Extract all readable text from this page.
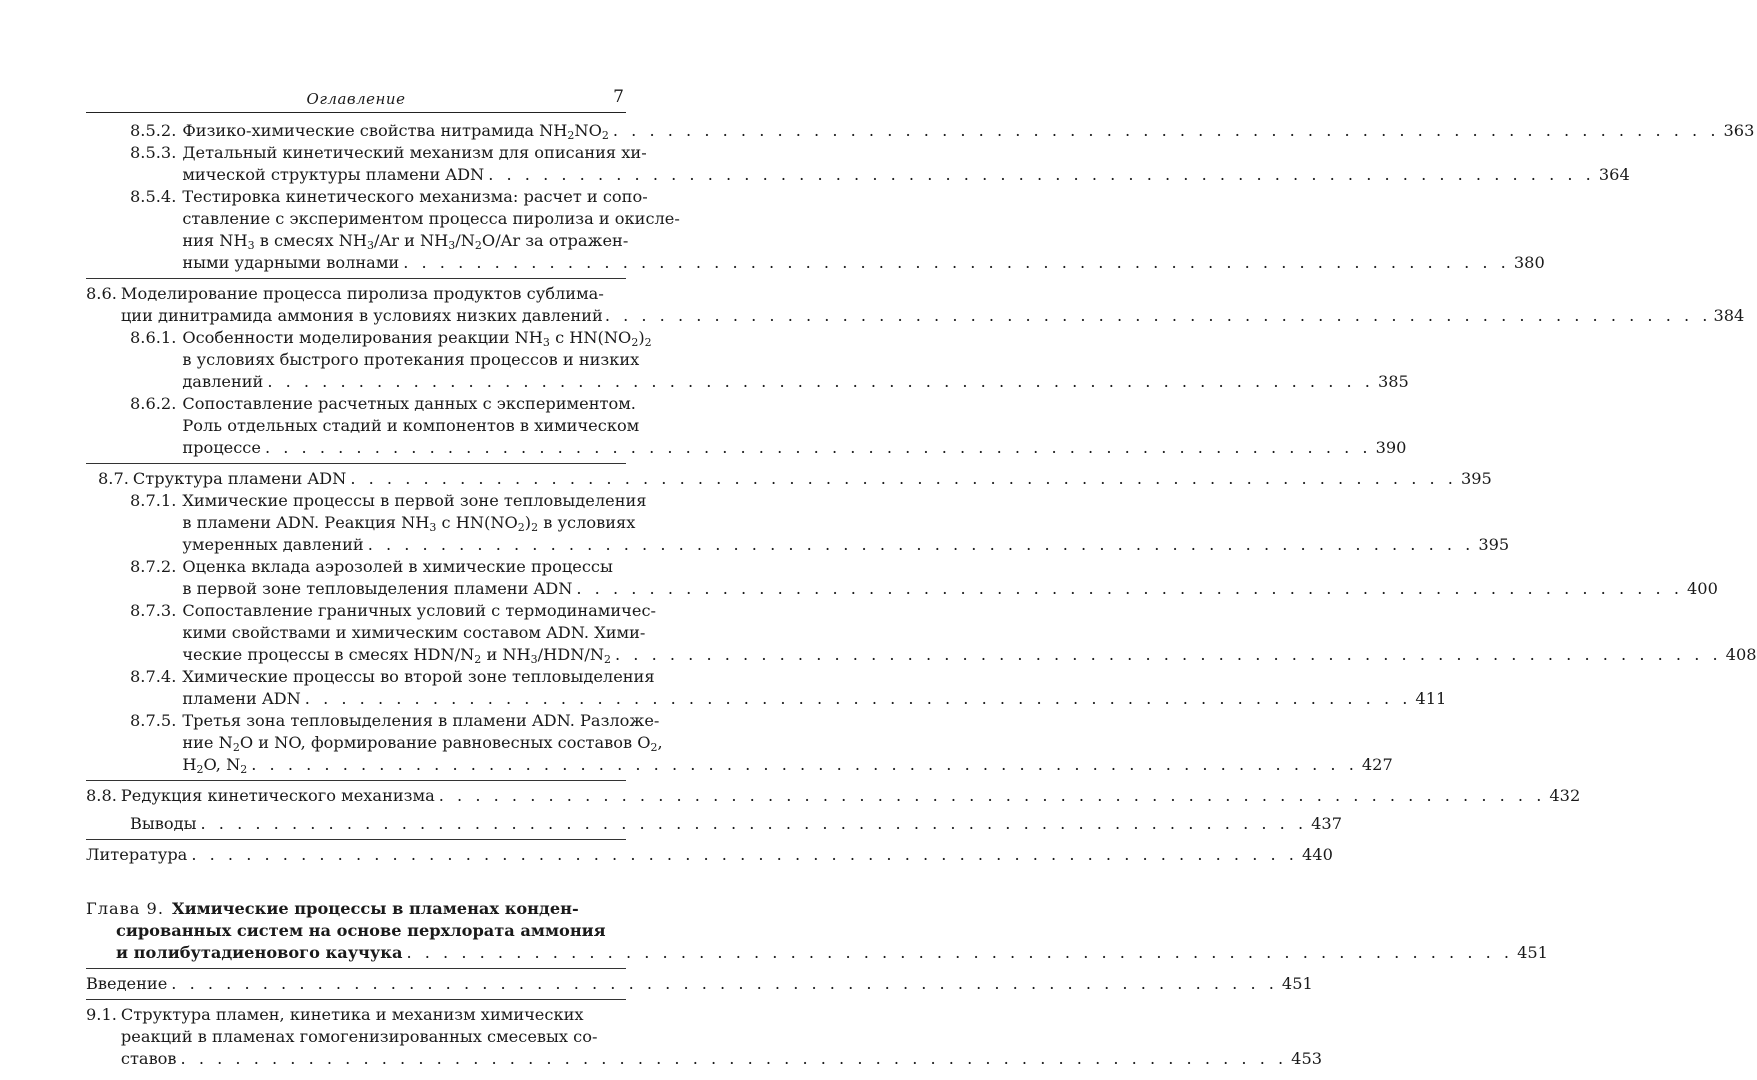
Оглавление	7
8.5.2. Физико-химические свойства нитрамида $NH_2NO_2$ . . . . . . . . . . . . . . . . . . . . . . . . . . . . . . . . . . . . . . . . . . . . . . . . . . . . . . . . . . . . . 363
8.5.3. Детальный кинетический механизм для описания хи-
мической структуры пламени ADN . . . . . . . . . . . . . . . . . . . . . . . . . . . . . . . . . . . . . . . . . . . . . . . . . . . . . . . . . . . . . 364
8.5.4. Тестировка кинетического механизма: расчет и сопо-
ставление с экспериментом процесса пиролиза и окисле-
ния $NH_3$ в смесях $NH_3/Ar$ и $NH_3/N_2O/Ar$ за отражен-
ными ударными волнами . . . . . . . . . . . . . . . . . . . . . . . . . . . . . . . . . . . . . . . . . . . . . . . . . . . . . . . . . . . . . 380
8.6. Моделирование процесса пиролиза продуктов сублима-
ции динитрамида аммония в условиях низких давлений . . . . . . . . . . . . . . . . . . . . . . . . . . . . . . . . . . . . . . . . . . . . . . . . . . . . . . . . . . . . . 384
8.6.1. Особенности моделирования реакции $NH_3$ с $HN(NO_2)_2$
в условиях быстрого протекания процессов и низких
давлений . . . . . . . . . . . . . . . . . . . . . . . . . . . . . . . . . . . . . . . . . . . . . . . . . . . . . . . . . . . . . 385
8.6.2. Сопоставление расчетных данных с экспериментом.
Роль отдельных стадий и компонентов в химическом
процессе . . . . . . . . . . . . . . . . . . . . . . . . . . . . . . . . . . . . . . . . . . . . . . . . . . . . . . . . . . . . . 390
8.7. Структура пламени ADN . . . . . . . . . . . . . . . . . . . . . . . . . . . . . . . . . . . . . . . . . . . . . . . . . . . . . . . . . . . . . 395
8.7.1. Химические процессы в первой зоне тепловыделения
в пламени ADN. Реакция $NH_3$ с $HN(NO_2)_2$ в условиях
умеренных давлений . . . . . . . . . . . . . . . . . . . . . . . . . . . . . . . . . . . . . . . . . . . . . . . . . . . . . . . . . . . . . 395
8.7.2. Оценка вклада аэрозолей в химические процессы
в первой зоне тепловыделения пламени ADN . . . . . . . . . . . . . . . . . . . . . . . . . . . . . . . . . . . . . . . . . . . . . . . . . . . . . . . . . . . . . 400
8.7.3. Сопоставление граничных условий с термодинамичес-
кими свойствами и химическим составом ADN. Хими-
ческие процессы в смесях HDN/$N_2$ и $NH_3/HDN/N_2$ . . . . . . . . . . . . . . . . . . . . . . . . . . . . . . . . . . . . . . . . . . . . . . . . . . . . . . . . . . . . . 408
8.7.4. Химические процессы во второй зоне тепловыделения
пламени ADN . . . . . . . . . . . . . . . . . . . . . . . . . . . . . . . . . . . . . . . . . . . . . . . . . . . . . . . . . . . . . 411
8.7.5. Третья зона тепловыделения в пламени ADN. Разложе-
ние $N_2O$ и NO, формирование равновесных составов $O_2$,
$H_2O$, $N_2$ . . . . . . . . . . . . . . . . . . . . . . . . . . . . . . . . . . . . . . . . . . . . . . . . . . . . . . . . . . . . . 427
8.8. Редукция кинетического механизма . . . . . . . . . . . . . . . . . . . . . . . . . . . . . . . . . . . . . . . . . . . . . . . . . . . . . . . . . . . . . 432
Выводы . . . . . . . . . . . . . . . . . . . . . . . . . . . . . . . . . . . . . . . . . . . . . . . . . . . . . . . . . . . . . 437
Литература . . . . . . . . . . . . . . . . . . . . . . . . . . . . . . . . . . . . . . . . . . . . . . . . . . . . . . . . . . . . . 440
Глава 9. Химические процессы в пламенах конден-
сированных систем на основе перхлората аммония
и полибутадиенового каучука . . . . . . . . . . . . . . . . . . . . . . . . . . . . . . . . . . . . . . . . . . . . . . . . . . . . . . . . . . . . . 451
Введение . . . . . . . . . . . . . . . . . . . . . . . . . . . . . . . . . . . . . . . . . . . . . . . . . . . . . . . . . . . . . 451
9.1. Структура пламен, кинетика и механизм химических
реакций в пламенах гомогенизированных смесевых со-
ставов . . . . . . . . . . . . . . . . . . . . . . . . . . . . . . . . . . . . . . . . . . . . . . . . . . . . . . . . . . . . . 453
